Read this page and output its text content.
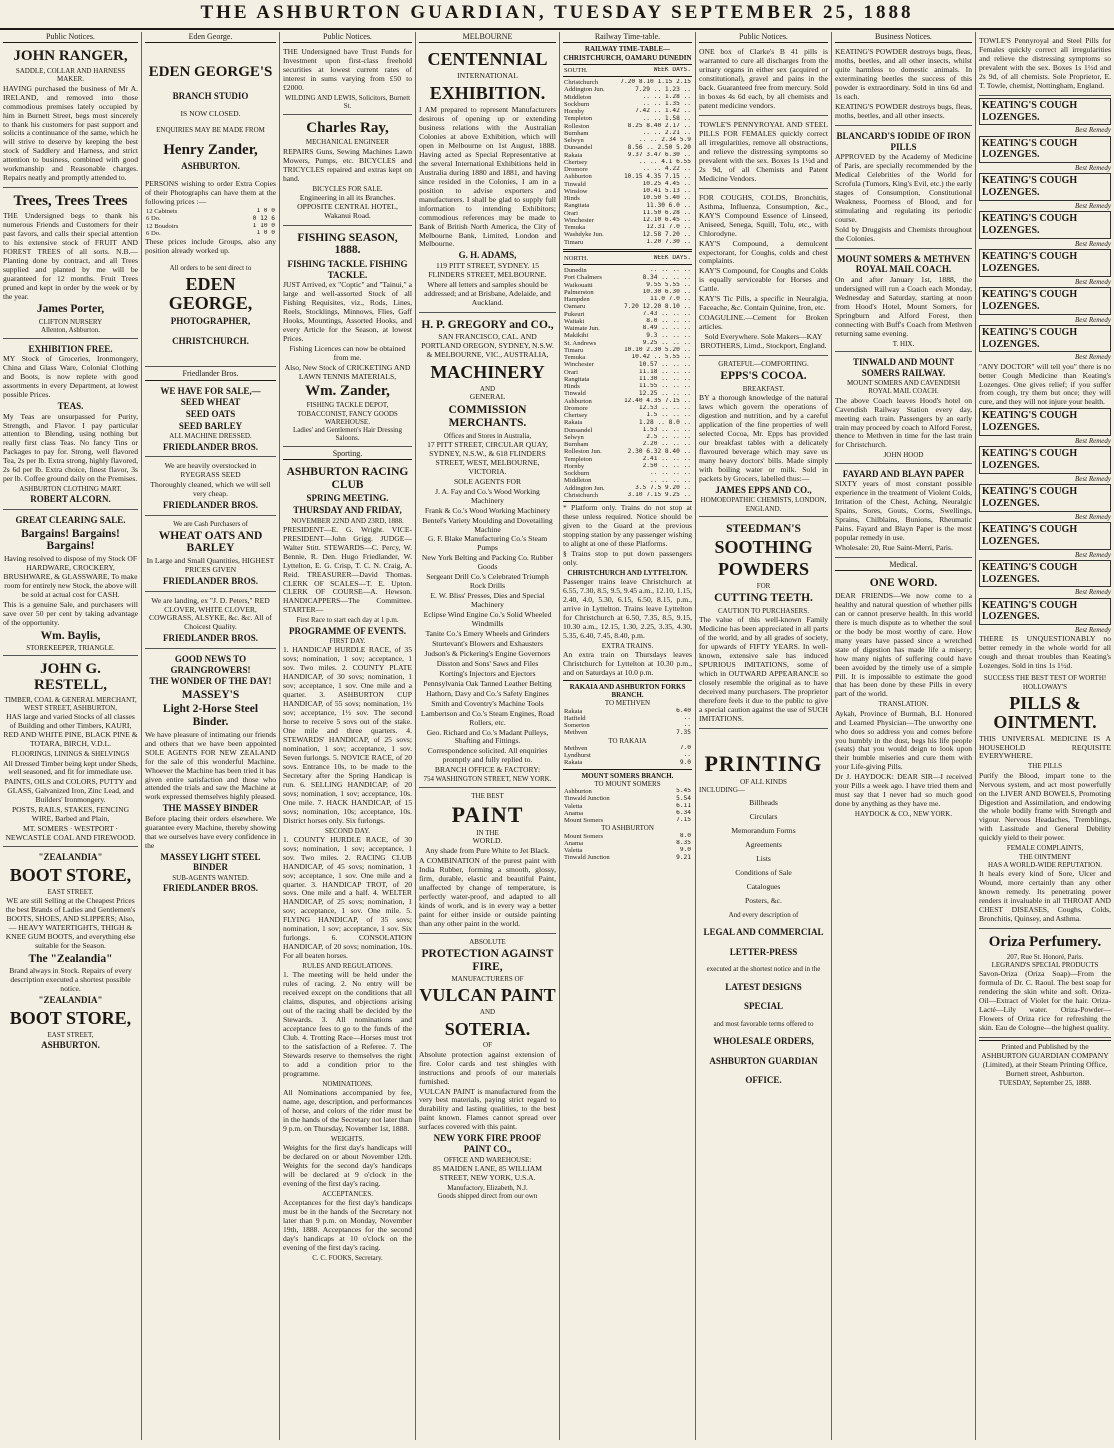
THE ASHBURTON GUARDIAN, TUESDAY SEPTEMBER 25, 1888
Public Notices.
JOHN RANGER,
SADDLE, COLLAR AND HARNESS MAKER.

HAVING purchased the business of Mr A. IRELAND, and removed into those commodious premises lately occupied by him in Burnett Street, begs most sincerely to thank his customers for past support and solicits a continuance of the same, which he will strive to deserve by keeping the best stock of Saddlery and Harness, and strict attention to business, combined with good workmanship and Reasonable charges. Repairs neatly and promptly attended to.

Trees, Trees Trees

THE Undersigned begs to thank his numerous Friends and Customers for their past favors, and calls their special attention to his extensive stock of FRUIT AND FOREST TREES of all sorts. N.B.—Planting done by contract, and all Trees supplied and planted by me will be guaranteed for 12 months. Fruit Trees pruned and kept in order by the week or by the year.

James Porter,
CLIFTON NURSERY
Allenton, Ashburton.
EXHIBITION FREE.

MY Stock of Groceries, Ironmongery, China and Glass Ware, Colonial Clothing and Boots, is now replete with good assortments in every Department, at lowest possible Prices.

TEAS.

My Teas are unsurpassed for Purity, Strength, and Flavor. I pay particular attention to Blending, using nothing but really first class Teas. No fancy Tins or Packages to pay for. Strong, well flavored Tea, 2s per lb. Extra strong, highly flavored, 2s 6d per lb. Extra choice, finest flavor, 3s per lb. Coffee ground daily on the Premises.

ASHBURTON CLOTHING MART.
ROBERT ALCORN.
GREAT CLEARING SALE.
Bargains! Bargains! Bargains!

Having resolved to dispose of my Stock OF HARDWARE, CROCKERY, BRUSHWARE, & GLASSWARE, To make room for entirely new Stock, the above will be sold at actual cost for CASH.

This is a genuine Sale, and purchasers will save over 50 per cent by taking advantage of the opportunity.

Wm. Baylis,
STOREKEEPER, TRIANGLE.
JOHN G. RESTELL,
TIMBER, COAL & GENERAL MERCHANT,
WEST STREET, ASHBURTON,

HAS large and varied Stocks of all classes of Building and other Timbers, KAURI, RED AND WHITE PINE, BLACK PINE & TOTARA, BIRCH, V.D.L.

FLOORINGS, LININGS & SHELVINGS

All Dressed Timber being kept under Sheds, well seasoned, and fit for immediate use.

PAINTS, OILS and COLORS, PUTTY and GLASS, Galvanized Iron, Zinc Lead, and Builders' Ironmongery.

POSTS, RAILS, STAKES, FENCING WIRE, Barbed and Plain,

MT. SOMERS · WESTPORT · NEWCASTLE COAL AND FIREWOOD.
"ZEALANDIA"
BOOT STORE,
EAST STREET.

WE are still Selling at the Cheapest Prices the best Brands of Ladies and Gentlemen's BOOTS, SHOES, AND SLIPPERS; Also,— HEAVY WATERTIGHTS, THIGH & KNEE GUM BOOTS, and everything else suitable for the Season.

The "Zealandia"

Brand always in Stock. Repairs of every description executed a shortest possible notice.

"ZEALANDIA"
BOOT STORE,
EAST STREET,
ASHBURTON.
Eden George.
EDEN GEORGE'S
BRANCH STUDIO
IS NOW CLOSED.
ENQUIRIES MAY BE MADE FROM
Henry Zander,
ASHBURTON.

PERSONS wishing to order Extra Copies of their Photographs can have them at the following prices :—

12 Cabinets	1 0 0
6 Do.	0 12 6
12 Boudoirs	1 10 0
6 Do.	1 0 0

These prices include Groups, also any position already worked up.

All orders to be sent direct to
EDEN GEORGE,
PHOTOGRAPHER,
CHRISTCHURCH.
Friedlander Bros.
WE HAVE FOR SALE,—
SEED WHEAT
SEED OATS
SEED BARLEY
ALL MACHINE DRESSED.
FRIEDLANDER BROS.

We are heavily overstocked in RYEGRASS SEED

Thoroughly cleaned, which we will sell very cheap.

FRIEDLANDER BROS.
We are Cash Purchasers of
WHEAT OATS AND BARLEY

In Large and Small Quantities, HIGHEST PRICES GIVEN

FRIEDLANDER BROS.

We are landing, ex "J. D. Peters," RED CLOVER, WHITE CLOVER, COWGRASS, ALSYKE, &c. &c. All of Choicest Quality.

FRIEDLANDER BROS.
GOOD NEWS TO GRAINGROWERS!
THE WONDER OF THE DAY!
MASSEY'S
Light 2-Horse Steel Binder.

We have pleasure of intimating our friends and others that we have been appointed SOLE AGENTS FOR NEW ZEALAND for the sale of this wonderful Machine. Whoever the Machine has been tried it has given entire satisfaction and those who attended the trials and saw the Machine at work expressed themselves highly pleased.

THE MASSEY BINDER

Before placing their orders elsewhere. We guarantee every Machine, thereby showing that we ourselves have every confidence in the

MASSEY LIGHT STEEL BINDER
SUB-AGENTS WANTED.
FRIEDLANDER BROS.
Public Notices.

THE Undersigned have Trust Funds for Investment upon first-class freehold securities at lowest current rates of interest in sums varying from £50 to £2000.

WILDING AND LEWIS, Solicitors, Burnett St.
Charles Ray,
MECHANICAL ENGINEER

REPAIRS Guns, Sewing Machines Lawn Mowers, Pumps, etc. BICYCLES and TRICYCLES repaired and extras kept on hand.

BICYCLES FOR SALE.

Engineering in all its Branches. OPPOSITE CENTRAL HOTEL, Wakanui Road.

FISHING SEASON, 1888.
FISHING TACKLE. FISHING TACKLE.

JUST Arrived, ex "Coptic" and "Tainui," a large and well-assorted Stock of all Fishing Requisites, viz., Rods, Lines, Reels, Stocklings, Minnows, Flies, Gaff Hooks, Mountings, Assorted Hooks, and every Article for the Season, at lowest Prices.

Fishing Licences can now be obtained from me.

Also, New Stock of CRICKETING AND LAWN TENNIS MATERIALS,

Wm. Zander,
FISHING TACKLE DEPOT, TOBACCONIST, FANCY GOODS WAREHOUSE.
Ladies' and Gentlemen's Hair Dressing Saloons.
Sporting.
ASHBURTON RACING CLUB
SPRING MEETING.
THURSDAY AND FRIDAY,
NOVEMBER 22ND AND 23RD, 1888.

PRESIDENT—E. G. Wright. VICE-PRESIDENT—John Grigg. JUDGE—Walter Stitt. STEWARDS—C. Percy, W. Bennie, R. Den. Hugo Friedlander, W. Lyttelton, E. G. Crisp, T. C. N. Craig, A. Reid. TREASURER—David Thomas. CLERK OF SCALES—T. E. Upton. CLERK OF COURSE—A. Hewson. HANDICAPPERS—The Committee. STARTER—

First Race to start each day at 1 p.m.
PROGRAMME OF EVENTS.
FIRST DAY.

1. HANDICAP HURDLE RACE, of 35 sovs; nomination, 1 sov; acceptance, 1 sov. Two miles. 2. COUNTY PLATE HANDICAP, of 30 sovs; nomination, 1 sov; acceptance, 1 sov. One mile and a quarter. 3. ASHBURTON CUP HANDICAP, of 55 sovs; nomination, 1½ sov; acceptance, 1½ sov. The second horse to receive 5 sovs out of the stake. One mile and three quarters. 4. STEWARDS' HANDICAP, of 25 sovs; nomination, 1 sov; acceptance, 1 sov. Seven furlongs. 5. NOVICE RACE, of 20 sovs. Entrance 10s, to be made to the Secretary after the Spring Handicap is run. 6. SELLING HANDICAP, of 20 sovs; nomination, 1 sov; acceptance, 10s. One mile. 7. HACK HANDICAP, of 15 sovs; nomination, 10s; acceptance, 10s. District horses only. Six furlongs.

SECOND DAY.

1. COUNTY HURDLE RACE, of 30 sovs; nomination, 1 sov; acceptance, 1 sov. Two miles. 2. RACING CLUB HANDICAP, of 45 sovs; nomination, 1 sov; acceptance, 1 sov. One mile and a quarter. 3. HANDICAP TROT, of 20 sovs. One mile and a half. 4. WELTER HANDICAP, of 25 sovs; nomination, 1 sov; acceptance, 1 sov. One mile. 5. FLYING HANDICAP, of 35 sovs; nomination, 1 sov; acceptance, 1 sov. Six furlongs. 6. CONSOLATION HANDICAP, of 20 sovs; nomination, 10s. For all beaten horses.

RULES AND REGULATIONS.

1. The meeting will be held under the rules of racing. 2. No entry will be received except on the conditions that all claims, disputes, and objections arising out of the racing shall be decided by the Stewards. 3. All nominations and acceptance fees to go to the funds of the Club. 4. Trotting Race—Horses must trot to the satisfaction of a Referee. 7. The Stewards reserve to themselves the right to add a condition prior to the programme.

NOMINATIONS.

All Nominations accompanied by fee, name, age, description, and performances of horse, and colors of the rider must be in the hands of the Secretary not later than 9 p.m. on Thursday, November 1st, 1888.

WEIGHTS.

Weights for the first day's handicaps will be declared on or about November 12th. Weights for the second day's handicaps will be declared at 9 o'clock in the evening of the first day's racing.

ACCEPTANCES.

Acceptances for the first day's handicaps must be in the hands of the Secretary not later than 9 p.m. on Monday, November 19th, 1888. Acceptances for the second day's handicaps at 10 o'clock on the evening of the first day's racing.

C. C. FOOKS, Secretary.
MELBOURNE
CENTENNIAL
INTERNATIONAL
EXHIBITION.

I AM prepared to represent Manufacturers desirous of opening up or extending business relations with the Australian Colonies at above Exhibition, which will open in Melbourne on 1st August, 1888. Having acted as Special Representative at the several International Exhibitions held in Australia during 1880 and 1881, and having since resided in the Colonies, I am in a position to advise exporters and manufacturers. I shall be glad to supply full information to intending Exhibitors; commodious references may be made to Bank of British North America, the City of Melbourne Bank, Limited, London and Melbourne.

G. H. ADAMS,

119 PITT STREET, SYDNEY. 15 FLINDERS STREET, MELBOURNE.

Where all letters and samples should be addressed; and at Brisbane, Adelaide, and Auckland.

H. P. GREGORY and CO.,

SAN FRANCISCO, CAL. AND PORTLAND OREGON, SYDNEY, N.S.W. & MELBOURNE, VIC., AUSTRALIA,

MACHINERY
AND
GENERAL
COMMISSION MERCHANTS.
Offices and Stores in Australia,

17 PITT STREET, CIRCULAR QUAY, SYDNEY, N.S.W., & 618 FLINDERS STREET, WEST, MELBOURNE, VICTORIA.

SOLE AGENTS FOR

J. A. Fay and Co.'s Wood Working Machinery

Frank & Co.'s Wood Working Machinery

Bentel's Variety Moulding and Dovetailing Machine

G. F. Blake Manufacturing Co.'s Steam Pumps

New York Belting and Packing Co. Rubber Goods

Sergeant Drill Co.'s Celebrated Triumph Rock Drills

E. W. Bliss' Presses, Dies and Special Machinery

Eclipse Wind Engine Co.'s Solid Wheeled Windmills

Tanite Co.'s Emery Wheels and Grinders

Sturtevant's Blowers and Exhausters

Judson's & Pickering's Engine Governors

Disston and Sons' Saws and Files

Korting's Injectors and Ejectors

Pennsylvania Oak Tanned Leather Belting

Hathorn, Davy and Co.'s Safety Engines

Smith and Coventry's Machine Tools

Lambertson and Co.'s Steam Engines, Road Rollers, etc.

Geo. Richard and Co.'s Madant Pulleys, Shafting and Fittings.

Correspondence solicited. All enquiries promptly and fully replied to.

BRANCH OFFICE & FACTORY:
754 WASHINGTON STREET, NEW YORK.
THE BEST
PAINT
IN THE
WORLD.

Any shade from Pure White to Jet Black.

A COMBINATION of the purest paint with India Rubber, forming a smooth, glossy, firm, durable, elastic and beautiful Paint, unaffected by change of temperature, is perfectly water-proof, and adapted to all kinds of work, and is in every way a better paint for either inside or outside painting than any other paint in the world.

ABSOLUTE
PROTECTION AGAINST FIRE,
MANUFACTURERS OF
VULCAN PAINT
AND
SOTERIA.
OF

Absolute protection against extension of fire. Color cards and test shingles with instructions and proofs of our materials furnished.

VULCAN PAINT is manufactured from the very best materials, paying strict regard to durability and lasting qualities, to the best paint known. Flames cannot spread over surfaces covered with this paint.

NEW YORK FIRE PROOF PAINT CO.,
OFFICE AND WAREHOUSE:

85 MAIDEN LANE, 85 WILLIAM STREET, NEW YORK, U.S.A.

Manufactory, Elizabeth, N.J.
Goods shipped direct from our own
Railway Time-table.
RAILWAY TIME-TABLE—CHRISTCHURCH, OAMARU DUNEDIN
SOUTH.	WEEK DAYS.
Christchurch	7.20 8.10 1.15 2.15
Addington Jun.	7.29 .. 1.23 ..
Middleton	.. .. 1.28 ..
Sockburn	.. .. 1.35 ..
Hornby	7.42 .. 1.42 ..
Templeton	.. .. 1.58 ..
Rolleston	8.25 8.40 2.17 ..
Burnham	.. .. 2.21 ..
Selwyn	.. .. 2.34 5.9
Dunsandel	8.56 .. 2.50 5.20
Rakaia	9.37 3.47 6.30 ..
Chertsey	.. .. 4.1 6.55
Dromore	.. .. 4.22 ..
Ashburton	10.15 4.35 7.15 ..
Tinwald	10.25 4.45 ..
Winslow	10.41 5.13 ..
Hinds	10.50 5.40 ..
Rangitata	11.30 6.0 ..
Orari	11.50 6.28 ..
Winchester	12.10 6.45 ..
Temuka	12.31 7.0 ..
Washdyke Jun.	12.58 7.20 ..
Timaru	1.20 7.30 ..
NORTH.	WEEK DAYS.
Dunedin	.. .. .. ..
Port Chalmers	8.34 .. .. ..
Waikouaiti	9.55 5.55 ..
Palmerston	10.30 6.30 ..
Hampden	11.0 7.0 ..
Oamaru	7.20 12.20 8.10 ..
Pukeuri	7.43 .. .. ..
Waitaki	8.0 .. .. ..
Waimate Jun.	8.49 .. .. ..
Makikihi	9.3 .. .. ..
St. Andrews	9.25 .. .. ..
Timaru	10.10 2.30 5.20 ..
Temuka	10.42 .. 5.55 ..
Winchester	10.57 .. .. ..
Orari	11.18 .. .. ..
Rangitata	11.30 .. .. ..
Hinds	11.55 .. .. ..
Tinwald	12.25 .. .. ..
Ashburton	12.40 4.35 7.15 ..
Dromore	12.53 .. .. ..
Chertsey	1.5 .. .. ..
Rakaia	1.28 .. 8.0 ..
Dunsandel	1.53 .. .. ..
Selwyn	2.5 .. .. ..
Burnham	2.20 .. .. ..
Rolleston Jun.	2.30 6.32 8.40 ..
Templeton	2.41 .. .. ..
Hornby	2.50 .. .. ..
Sockburn	.. .. .. ..
Middleton	.. .. .. ..
Addington Jun.	3.5 7.5 9.20 ..
Christchurch	3.10 7.15 9.25 ..

* Platform only. Trains do not stop at these unless required. Notice should be given to the Guard at the previous stopping station by any passenger wishing to alight at one of these Platforms.

§ Trains stop to put down passengers only.

CHRISTCHURCH AND LYTTELTON.

Passenger trains leave Christchurch at 6.55, 7.30, 8.5, 9.5, 9.45 a.m., 12.10, 1.15, 2.40, 4.0, 5.30, 6.15, 6.50, 8.15, p.m., arrive in Lyttelton. Trains leave Lyttelton for Christchurch at 6.50, 7.35, 8.5, 9.15, 10.30 a.m., 12.15, 1.30, 2.25, 3.35, 4.30, 5.35, 6.40, 7.45, 8.40, p.m.

EXTRA TRAINS.

An extra train on Thursdays leaves Christchurch for Lyttelton at 10.30 p.m., and on Saturdays at 10.0 p.m.

RAKAIA AND ASHBURTON FORKS BRANCH.
TO METHVEN
Rakaia	6.40
Hatfield	..
Somerton	..
Methven	7.35
TO RAKAIA
Methven	7.0
Lyndhurst	..
Rakaia	9.0
MOUNT SOMERS BRANCH.
TO MOUNT SOMERS
Ashburton	5.45
Tinwald Junction	5.54
Valetta	6.11
Anama	6.34
Mount Somers	7.15
TO ASHBURTON
Mount Somers	8.0
Anama	8.35
Valetta	9.0
Tinwald Junction	9.21
Public Notices.

ONE box of Clarke's B 41 pills is warranted to cure all discharges from the urinary organs in either sex (acquired or constitutional), gravel and pains in the back. Guaranteed free from mercury. Sold in boxes 4s 6d each, by all chemists and patent medicine vendors.

TOWLE'S PENNYROYAL AND STEEL PILLS FOR FEMALES quickly correct all irregularities, remove all obstructions, and relieve the distressing symptoms so prevalent with the sex. Boxes 1s 1½d and 2s 9d, of all Chemists and Patent Medicine Vendors.

FOR COUGHS, COLDS, Bronchitis, Asthma, Influenza, Consumption, &c., KAY'S Compound Essence of Linseed, Aniseed, Senega, Squill, Tolu, etc., with Chlorodyne.

KAY'S Compound, a demulcent expectorant, for Coughs, colds and chest complaints.

KAY'S Compound, for Coughs and Colds is equally serviceable for Horses and Cattle.

KAY'S Tic Pills, a specific in Neuralgia, Faceache, &c. Contain Quinine, Iron, etc.

COAGULINE.—Cement for Broken articles.

Sold Everywhere. Sole Makers—KAY BROTHERS, Limd., Stockport, England.

GRATEFUL—COMFORTING.
EPPS'S COCOA.
BREAKFAST.

BY a thorough knowledge of the natural laws which govern the operations of digestion and nutrition, and by a careful application of the fine properties of well selected Cocoa, Mr. Epps has provided our breakfast tables with a delicately flavoured beverage which may save us many heavy doctors' bills. Made simply with boiling water or milk. Sold in packets by Grocers, labelled thus:—

JAMES EPPS AND CO.,
HOMOEOPATHIC CHEMISTS, LONDON, ENGLAND.
STEEDMAN'S
SOOTHING
POWDERS
FOR
CUTTING TEETH.
CAUTION TO PURCHASERS.

The value of this well-known Family Medicine has been appreciated in all parts of the world, and by all grades of society, for upwards of FIFTY YEARS. In well-known, extensive sale has induced SPURIOUS IMITATIONS, some of which in OUTWARD APPEARANCE so closely resemble the original as to have deceived many purchasers. The proprietor therefore feels it due to the public to give a special caution against the use of SUCH IMITATIONS.

PRINTING
OF ALL KINDS
INCLUDING—
Billheads
Circulars
Memorandum Forms
Agreements
Lists
Conditions of Sale
Catalogues
Posters, &c.
And every description of
LEGAL AND COMMERCIAL
LETTER-PRESS
executed at the shortest notice and in the
LATEST DESIGNS
SPECIAL
and most favorable terms offered to
WHOLESALE ORDERS,
ASHBURTON GUARDIAN
OFFICE.
Business Notices.

KEATING'S POWDER destroys bugs, fleas, moths, beetles, and all other insects, whilst quite harmless to domestic animals. In exterminating beetles the success of this powder is extraordinary. Sold in tins 6d and 1s each.

KEATING'S POWDER destroys bugs, fleas, moths, beetles, and all other insects.

BLANCARD'S IODIDE OF IRON PILLS

APPROVED by the Academy of Medicine of Paris, are specially recommended by the Medical Celebrities of the World for Scrofula (Tumors, King's Evil, etc.) the early stages of Consumption, Constitutional Weakness, Poorness of Blood, and for stimulating and regulating its periodic course.

Sold by Druggists and Chemists throughout the Colonies.

MOUNT SOMERS & METHVEN ROYAL MAIL COACH.

On and after January 1st, 1888, the undersigned will run a Coach each Monday, Wednesday and Saturday, starting at noon from Hood's Hotel, Mount Somers, for Springburn and Alford Forest, then connecting with Buff's Coach from Methven returning same evening.

T. HIX.
TINWALD AND MOUNT SOMERS RAILWAY.
MOUNT SOMERS AND CAVENDISH ROYAL MAIL COACH.

The above Coach leaves Hood's hotel on Cavendish Railway Station every day, meeting each train. Passengers by an early train may proceed by coach to Alford Forest, thence to Methven in time for the last train for Christchurch.

JOHN HOOD
FAYARD AND BLAYN PAPER

SIXTY years of most constant possible experience in the treatment of Violent Colds, Irritation of the Chest, Aching, Neuralgic Spains, Sores, Gouts, Corns, Swellings, Sprains, Chilblains, Bunions, Rheumatic Pains. Fayard and Blayn Paper is the most popular remedy in use.

Wholesale: 20, Rue Saint-Merri, Paris.

Medical.
ONE WORD.

DEAR FRIENDS—We now come to a healthy and natural question of whether pills can or cannot preserve health. In this world there is much dispute as to whether the soul or the body be most worthy of care. How many years have passed since a wretched state of digestion has made life a misery; how many nights of suffering could have been avoided by the timely use of a simple Pill. It is impossible to estimate the good that has been done by these Pills in every part of the world.

TRANSLATION.

Aykah, Province of Burmah, B.I. Honored and Learned Physician—The unworthy one who does so address you and comes before you humbly in the dust, begs his life people (seats) that you would deign to look upon their humble miseries and cure them with your Life-giving Pills.

Dr J. HAYDOCK: DEAR SIR—I received your Pills a week ago. I have tried them and must say that I never had so much good done by anything as they have me.

HAYDOCK & CO., NEW YORK.

TOWLE'S Pennyroyal and Steel Pills for Females quickly correct all irregularities and relieve the distressing symptoms so prevalent with the sex. Boxes 1s 1½d and 2s 9d, of all chemists. Sole Proprietor, E. T. Towle, chemist, Nottingham, England.

KEATING'S COUGH LOZENGES.
Best Remedy
KEATING'S COUGH LOZENGES.
Best Remedy
KEATING'S COUGH LOZENGES.
Best Remedy
KEATING'S COUGH LOZENGES.
Best Remedy
KEATING'S COUGH LOZENGES.
Best Remedy
KEATING'S COUGH LOZENGES.
Best Remedy
KEATING'S COUGH LOZENGES.
Best Remedy

"ANY DOCTOR" will tell you" there is no better Cough Medicine than Keating's Lozenges. One gives relief; if you suffer from cough, try them but once; they will cure, and they will not injure your health.

KEATING'S COUGH LOZENGES.
Best Remedy
KEATING'S COUGH LOZENGES.
Best Remedy
KEATING'S COUGH LOZENGES.
Best Remedy
KEATING'S COUGH LOZENGES.
Best Remedy
KEATING'S COUGH LOZENGES.
Best Remedy
KEATING'S COUGH LOZENGES.
Best Remedy

THERE IS UNQUESTIONABLY no better remedy in the whole world for all cough and throat troubles than Keating's Lozenges. Sold in tins 1s 1½d.

SUCCESS THE BEST TEST OF WORTH!
HOLLOWAY'S
PILLS & OINTMENT.

THIS UNIVERSAL MEDICINE IS A HOUSEHOLD REQUISITE EVERYWHERE.

THE PILLS

Purify the Blood, impart tone to the Nervous system, and act most powerfully on the LIVER AND BOWELS, Promoting Digestion and Assimilation, and endowing the whole bodily frame with Strength and vigour. Nervous Headaches, Tremblings, with Lassitude and General Debility quickly yield to their power.

FEMALE COMPLAINTS,
THE OINTMENT
HAS A WORLD-WIDE REPUTATION.

It heals every kind of Sore, Ulcer and Wound, more certainly than any other known remedy. Its penetrating power renders it invaluable in all THROAT AND CHEST DISEASES, Coughs, Colds, Bronchitis, Quinsey, and Asthma.

Oriza Perfumery.
207, Rue St. Honoré, Paris.
LEGRAND'S SPECIAL PRODUCTS

Savon-Oriza (Oriza Soap)—From the formula of Dr. C. Raoul. The best soap for rendering the skin white and soft. Oriza-Oil—Extract of Violet for the hair. Oriza-Lacté—Lily water. Oriza-Powder—Flowers of Oriza rice for refreshing the skin. Eau de Cologne—the highest quality.

Printed and Published by the ASHBURTON GUARDIAN COMPANY (Limited), at their Steam Printing Office, Burnett street, Ashburton.

TUESDAY, September 25, 1888.
